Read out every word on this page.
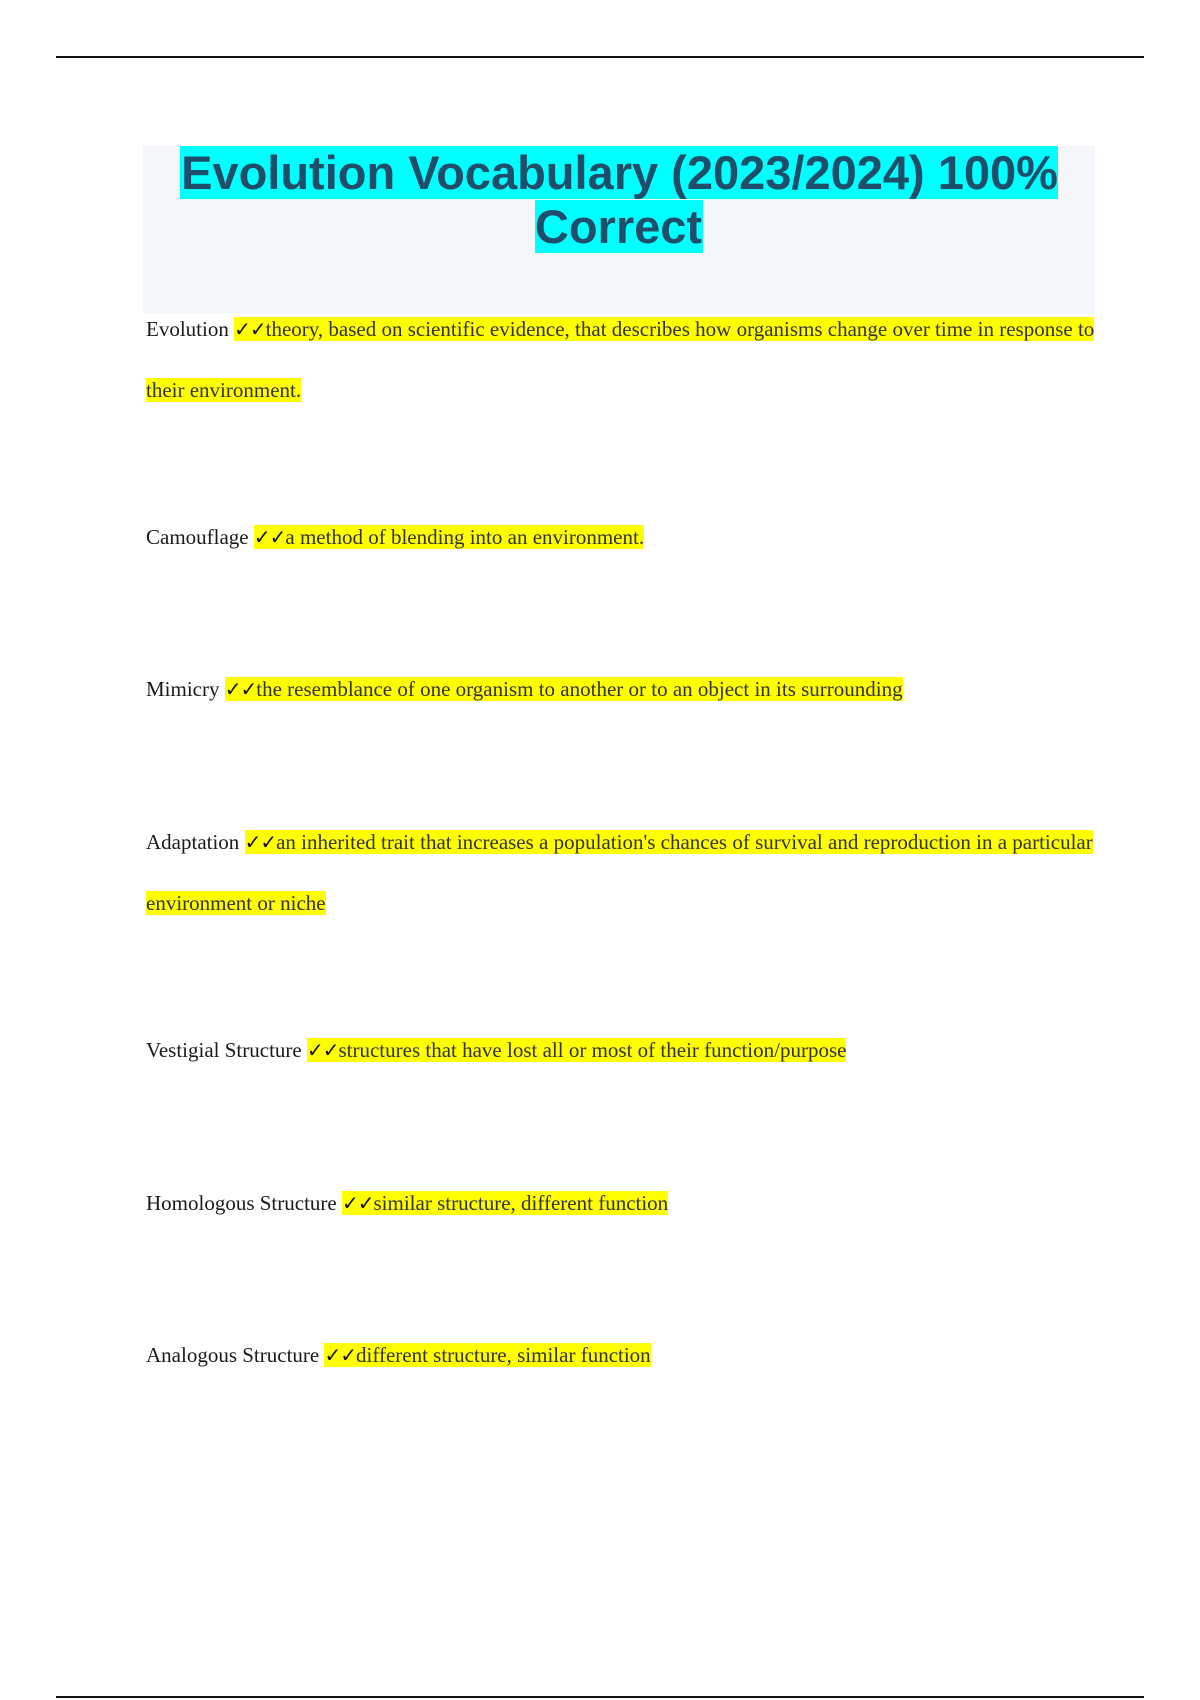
Evolution Vocabulary (2023/2024) 100% Correct

Evolution ✓✓theory, based on scientific evidence, that describes how organisms change over time in response to their environment.

Camouflage ✓✓a method of blending into an environment.

Mimicry ✓✓the resemblance of one organism to another or to an object in its surrounding

Adaptation ✓✓an inherited trait that increases a population's chances of survival and reproduction in a particular environment or niche

Vestigial Structure ✓✓structures that have lost all or most of their function/purpose

Homologous Structure ✓✓similar structure, different function

Analogous Structure ✓✓different structure, similar function
